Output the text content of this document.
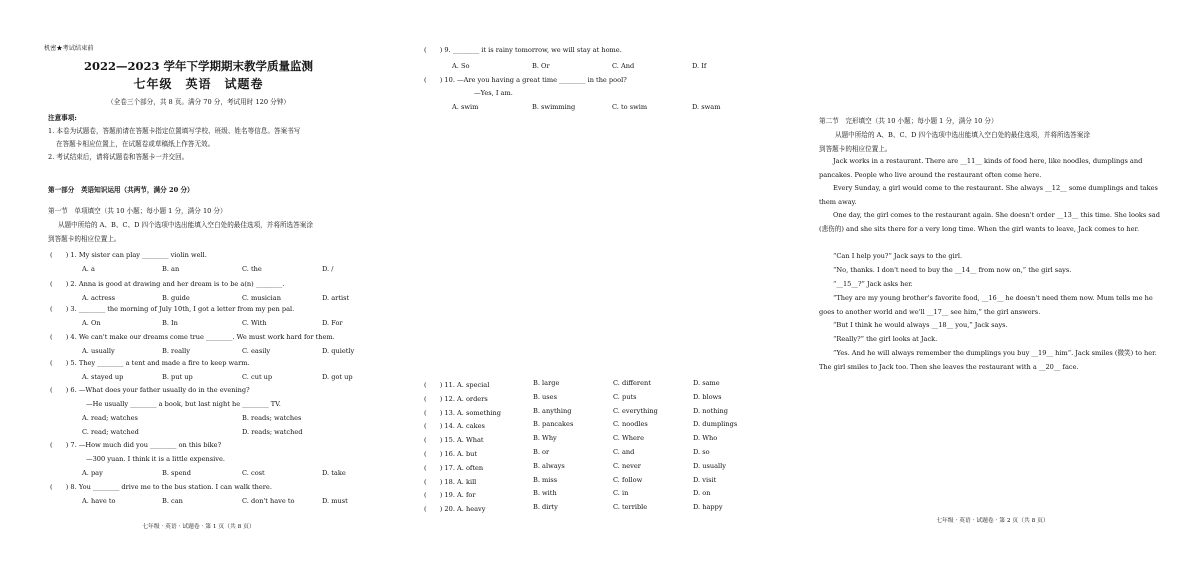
机密★考试结束前
2022—2023 学年下学期期末教学质量监测
七年级　英语　试题卷
（全卷三个部分，共 8 页。满分 70 分，考试用时 120 分钟）
注意事项:
1. 本卷为试题卷，答题前请在答题卡指定位置填写学校、班级、姓名等信息。答案书写
在答题卡相应位置上，在试题卷或草稿纸上作答无效。
2. 考试结束后，请将试题卷和答题卡一并交回。
第一部分　英语知识运用（共两节，满分 20 分）
第一节　单项填空（共 10 小题；每小题 1 分，满分 10 分）
从题中所给的 A、B、C、D 四个选项中选出能填入空白处的最佳选项，并将所选答案涂
到答题卡的相应位置上。
七年级 · 英语 · 试题卷 · 第 1 页（共 8 页）
第二节　完形填空（共 10 小题；每小题 1 分，满分 10 分）
从题中所给的 A、B、C、D 四个选项中选出能填入空白处的最佳选项，并将所选答案涂
到答题卡的相应位置上。
Jack works in a restaurant. There are __11__ kinds of food here, like noodles, dumplings and pancakes. People who live around the restaurant often come here.
Every Sunday, a girl would come to the restaurant. She always __12__ some dumplings and takes them away.
One day, the girl comes to the restaurant again. She doesn't order __13__ this time. She looks sad (悲伤的) and she sits there for a very long time. When the girl wants to leave, Jack comes to her.
“Can I help you?” Jack says to the girl.
“No, thanks. I don't need to buy the __14__ from now on,” the girl says.
“__15__?” Jack asks her.
“They are my young brother's favorite food, __16__ he doesn't need them now. Mum tells me he goes to another world and we'll __17__ see him,” the girl answers.
“But I think he would always __18__ you,” Jack says.
“Really?” the girl looks at Jack.
“Yes. And he will always remember the dumplings you buy __19__ him”. Jack smiles (微笑) to her. The girl smiles to Jack too. Then she leaves the restaurant with a __20__ face.
七年级 · 英语 · 试题卷 · 第 2 页（共 8 页）
(　　) 1. My sister can play ________ violin well.
A. a	B. an	C. the	D. /
(　　) 2. Anna is good at drawing and her dream is to be a(n) ________.
A. actress	B. guide	C. musician	D. artist
(　　) 3. ________ the morning of July 10th, I got a letter from my pen pal.
A. On	B. In	C. With	D. For
(　　) 4. We can't make our dreams come true ________. We must work hard for them.
A. usually	B. really	C. easily	D. quietly
(　　) 5. They ________ a tent and made a fire to keep warm.
A. stayed up	B. put up	C. cut up	D. got up
(　　) 6. —What does your father usually do in the evening?
—He usually ________ a book, but last night he ________ TV.
A. read; watches	B. reads; watches
C. read; watched	D. reads; watched
(　　) 7. —How much did you ________ on this bike?
—300 yuan. I think it is a little expensive.
A. pay	B. spend	C. cost	D. take
(　　) 8. You ________ drive me to the bus station. I can walk there.
A. have to	B. can	C. don't have to	D. must
(　　) 9. ________ it is rainy tomorrow, we will stay at home.
A. So	B. Or	C. And	D. If
(　　) 10. —Are you having a great time ________ in the pool?
—Yes, I am.
A. swim	B. swimming	C. to swim	D. swam
(　　) 11. A. special	B. large	C. different	D. same
(　　) 12. A. orders	B. uses	C. puts	D. blows
(　　) 13. A. something	B. anything	C. everything	D. nothing
(　　) 14. A. cakes	B. pancakes	C. noodles	D. dumplings
(　　) 15. A. What	B. Why	C. Where	D. Who
(　　) 16. A. but	B. or	C. and	D. so
(　　) 17. A. often	B. always	C. never	D. usually
(　　) 18. A. kill	B. miss	C. follow	D. visit
(　　) 19. A. for	B. with	C. in	D. on
(　　) 20. A. heavy	B. dirty	C. terrible	D. happy
